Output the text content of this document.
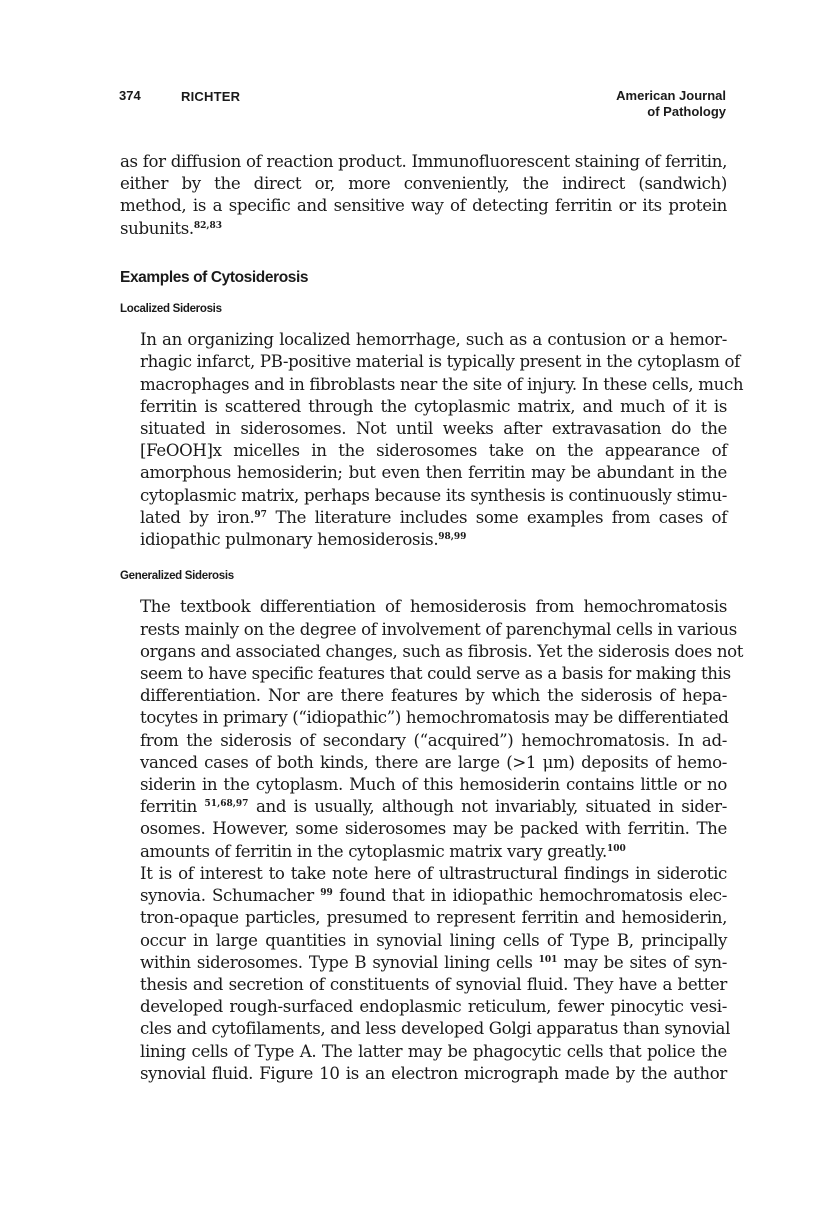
374	RICHTER	American Journal
of Pathology

as for diffusion of reaction product. Immunofluorescent staining of ferritin,
either by the direct or, more conveniently, the indirect (sandwich)
method, is a specific and sensitive way of detecting ferritin or its protein
subunits.$^{82,83}$

Examples of Cytosiderosis
Localized Siderosis

In an organizing localized hemorrhage, such as a contusion or a hemor-
rhagic infarct, PB-positive material is typically present in the cytoplasm of
macrophages and in fibroblasts near the site of injury. In these cells, much
ferritin is scattered through the cytoplasmic matrix, and much of it is
situated in siderosomes. Not until weeks after extravasation do the
[FeOOH]x micelles in the siderosomes take on the appearance of
amorphous hemosiderin; but even then ferritin may be abundant in the
cytoplasmic matrix, perhaps because its synthesis is continuously stimu-
lated by iron.$^{97}$ The literature includes some examples from cases of
idiopathic pulmonary hemosiderosis.$^{98,99}$

Generalized Siderosis

The textbook differentiation of hemosiderosis from hemochromatosis
rests mainly on the degree of involvement of parenchymal cells in various
organs and associated changes, such as fibrosis. Yet the siderosis does not
seem to have specific features that could serve as a basis for making this
differentiation. Nor are there features by which the siderosis of hepa-
tocytes in primary (“idiopathic”) hemochromatosis may be differentiated
from the siderosis of secondary (“acquired”) hemochromatosis. In ad-
vanced cases of both kinds, there are large (>1 μm) deposits of hemo-
siderin in the cytoplasm. Much of this hemosiderin contains little or no
ferritin $^{51,68,97}$ and is usually, although not invariably, situated in sider-
osomes. However, some siderosomes may be packed with ferritin. The
amounts of ferritin in the cytoplasmic matrix vary greatly.$^{100}$

It is of interest to take note here of ultrastructural findings in siderotic
synovia. Schumacher $^{99}$ found that in idiopathic hemochromatosis elec-
tron-opaque particles, presumed to represent ferritin and hemosiderin,
occur in large quantities in synovial lining cells of Type B, principally
within siderosomes. Type B synovial lining cells $^{101}$ may be sites of syn-
thesis and secretion of constituents of synovial fluid. They have a better
developed rough-surfaced endoplasmic reticulum, fewer pinocytic vesi-
cles and cytofilaments, and less developed Golgi apparatus than synovial
lining cells of Type A. The latter may be phagocytic cells that police the
synovial fluid. Figure 10 is an electron micrograph made by the author
